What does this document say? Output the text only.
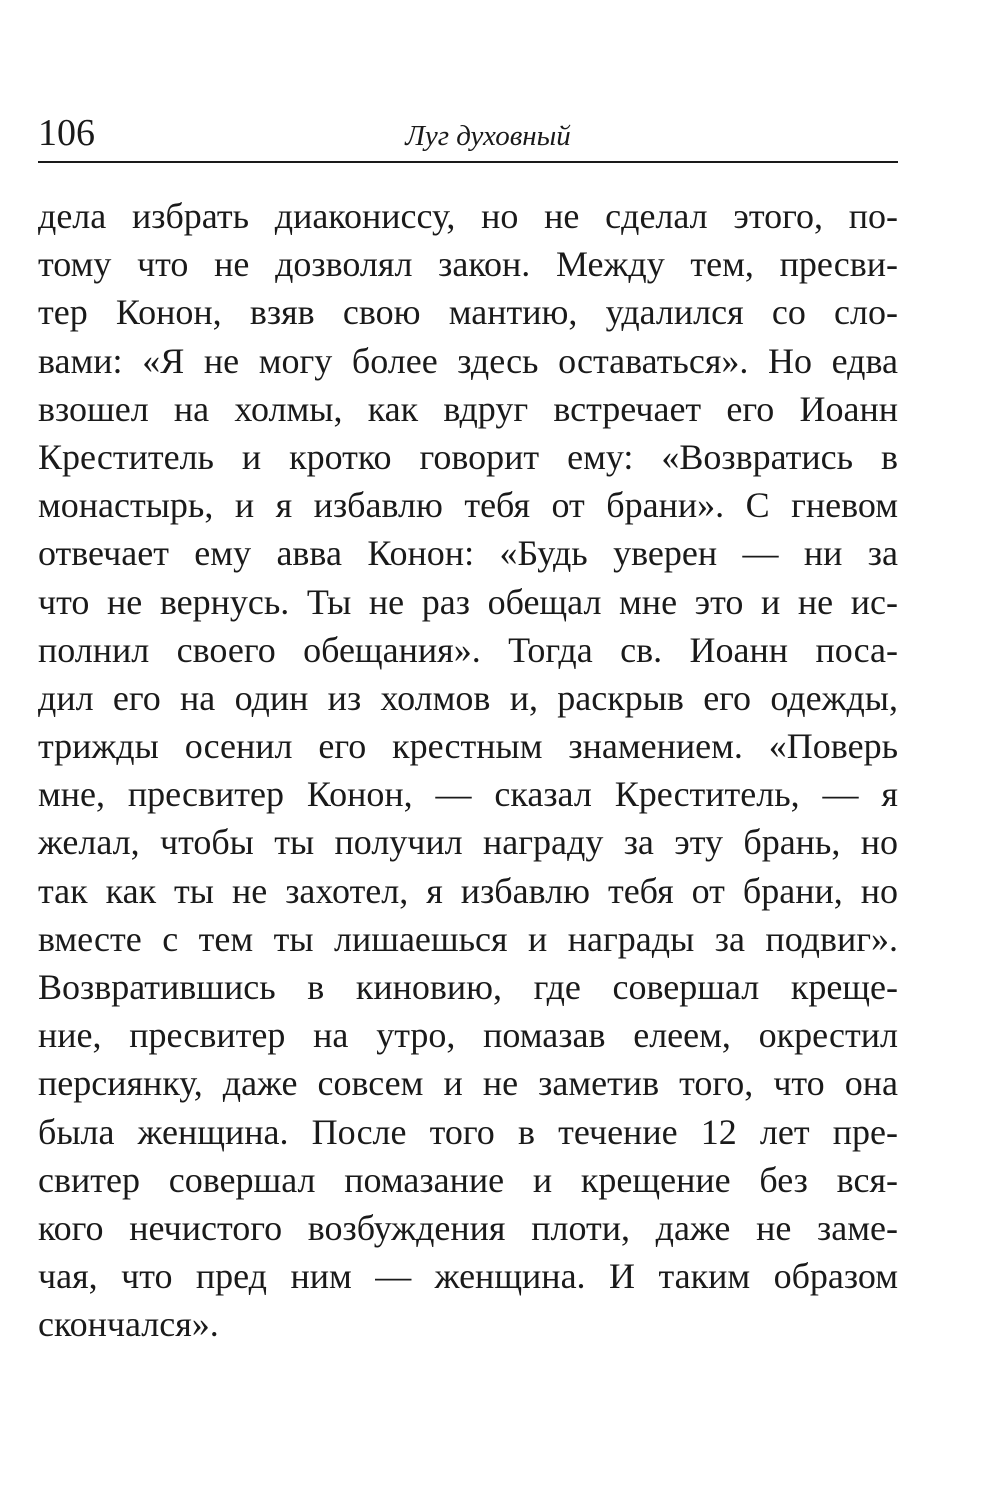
106	Луг духовный
дела избрать диакониссу, но не сделал этого, по-
тому что не дозволял закон. Между тем, пресви-
тер Конон, взяв свою мантию, удалился со сло-
вами: «Я не могу более здесь оставаться». Но едва
взошел на холмы, как вдруг встречает его Иоанн
Креститель и кротко говорит ему: «Возвратись в
монастырь, и я избавлю тебя от брани». С гневом
отвечает ему авва Конон: «Будь уверен — ни за
что не вернусь. Ты не раз обещал мне это и не ис-
полнил своего обещания». Тогда св. Иоанн поса-
дил его на один из холмов и, раскрыв его одежды,
трижды осенил его крестным знамением. «Поверь
мне, пресвитер Конон, — сказал Креститель, — я
желал, чтобы ты получил награду за эту брань, но
так как ты не захотел, я избавлю тебя от брани, но
вместе с тем ты лишаешься и награды за подвиг».
Возвратившись в киновию, где совершал креще-
ние, пресвитер на утро, помазав елеем, окрестил
персиянку, даже совсем и не заметив того, что она
была женщина. После того в течение 12 лет пре-
свитер совершал помазание и крещение без вся-
кого нечистого возбуждения плоти, даже не заме-
чая, что пред ним — женщина. И таким образом
скончался».
